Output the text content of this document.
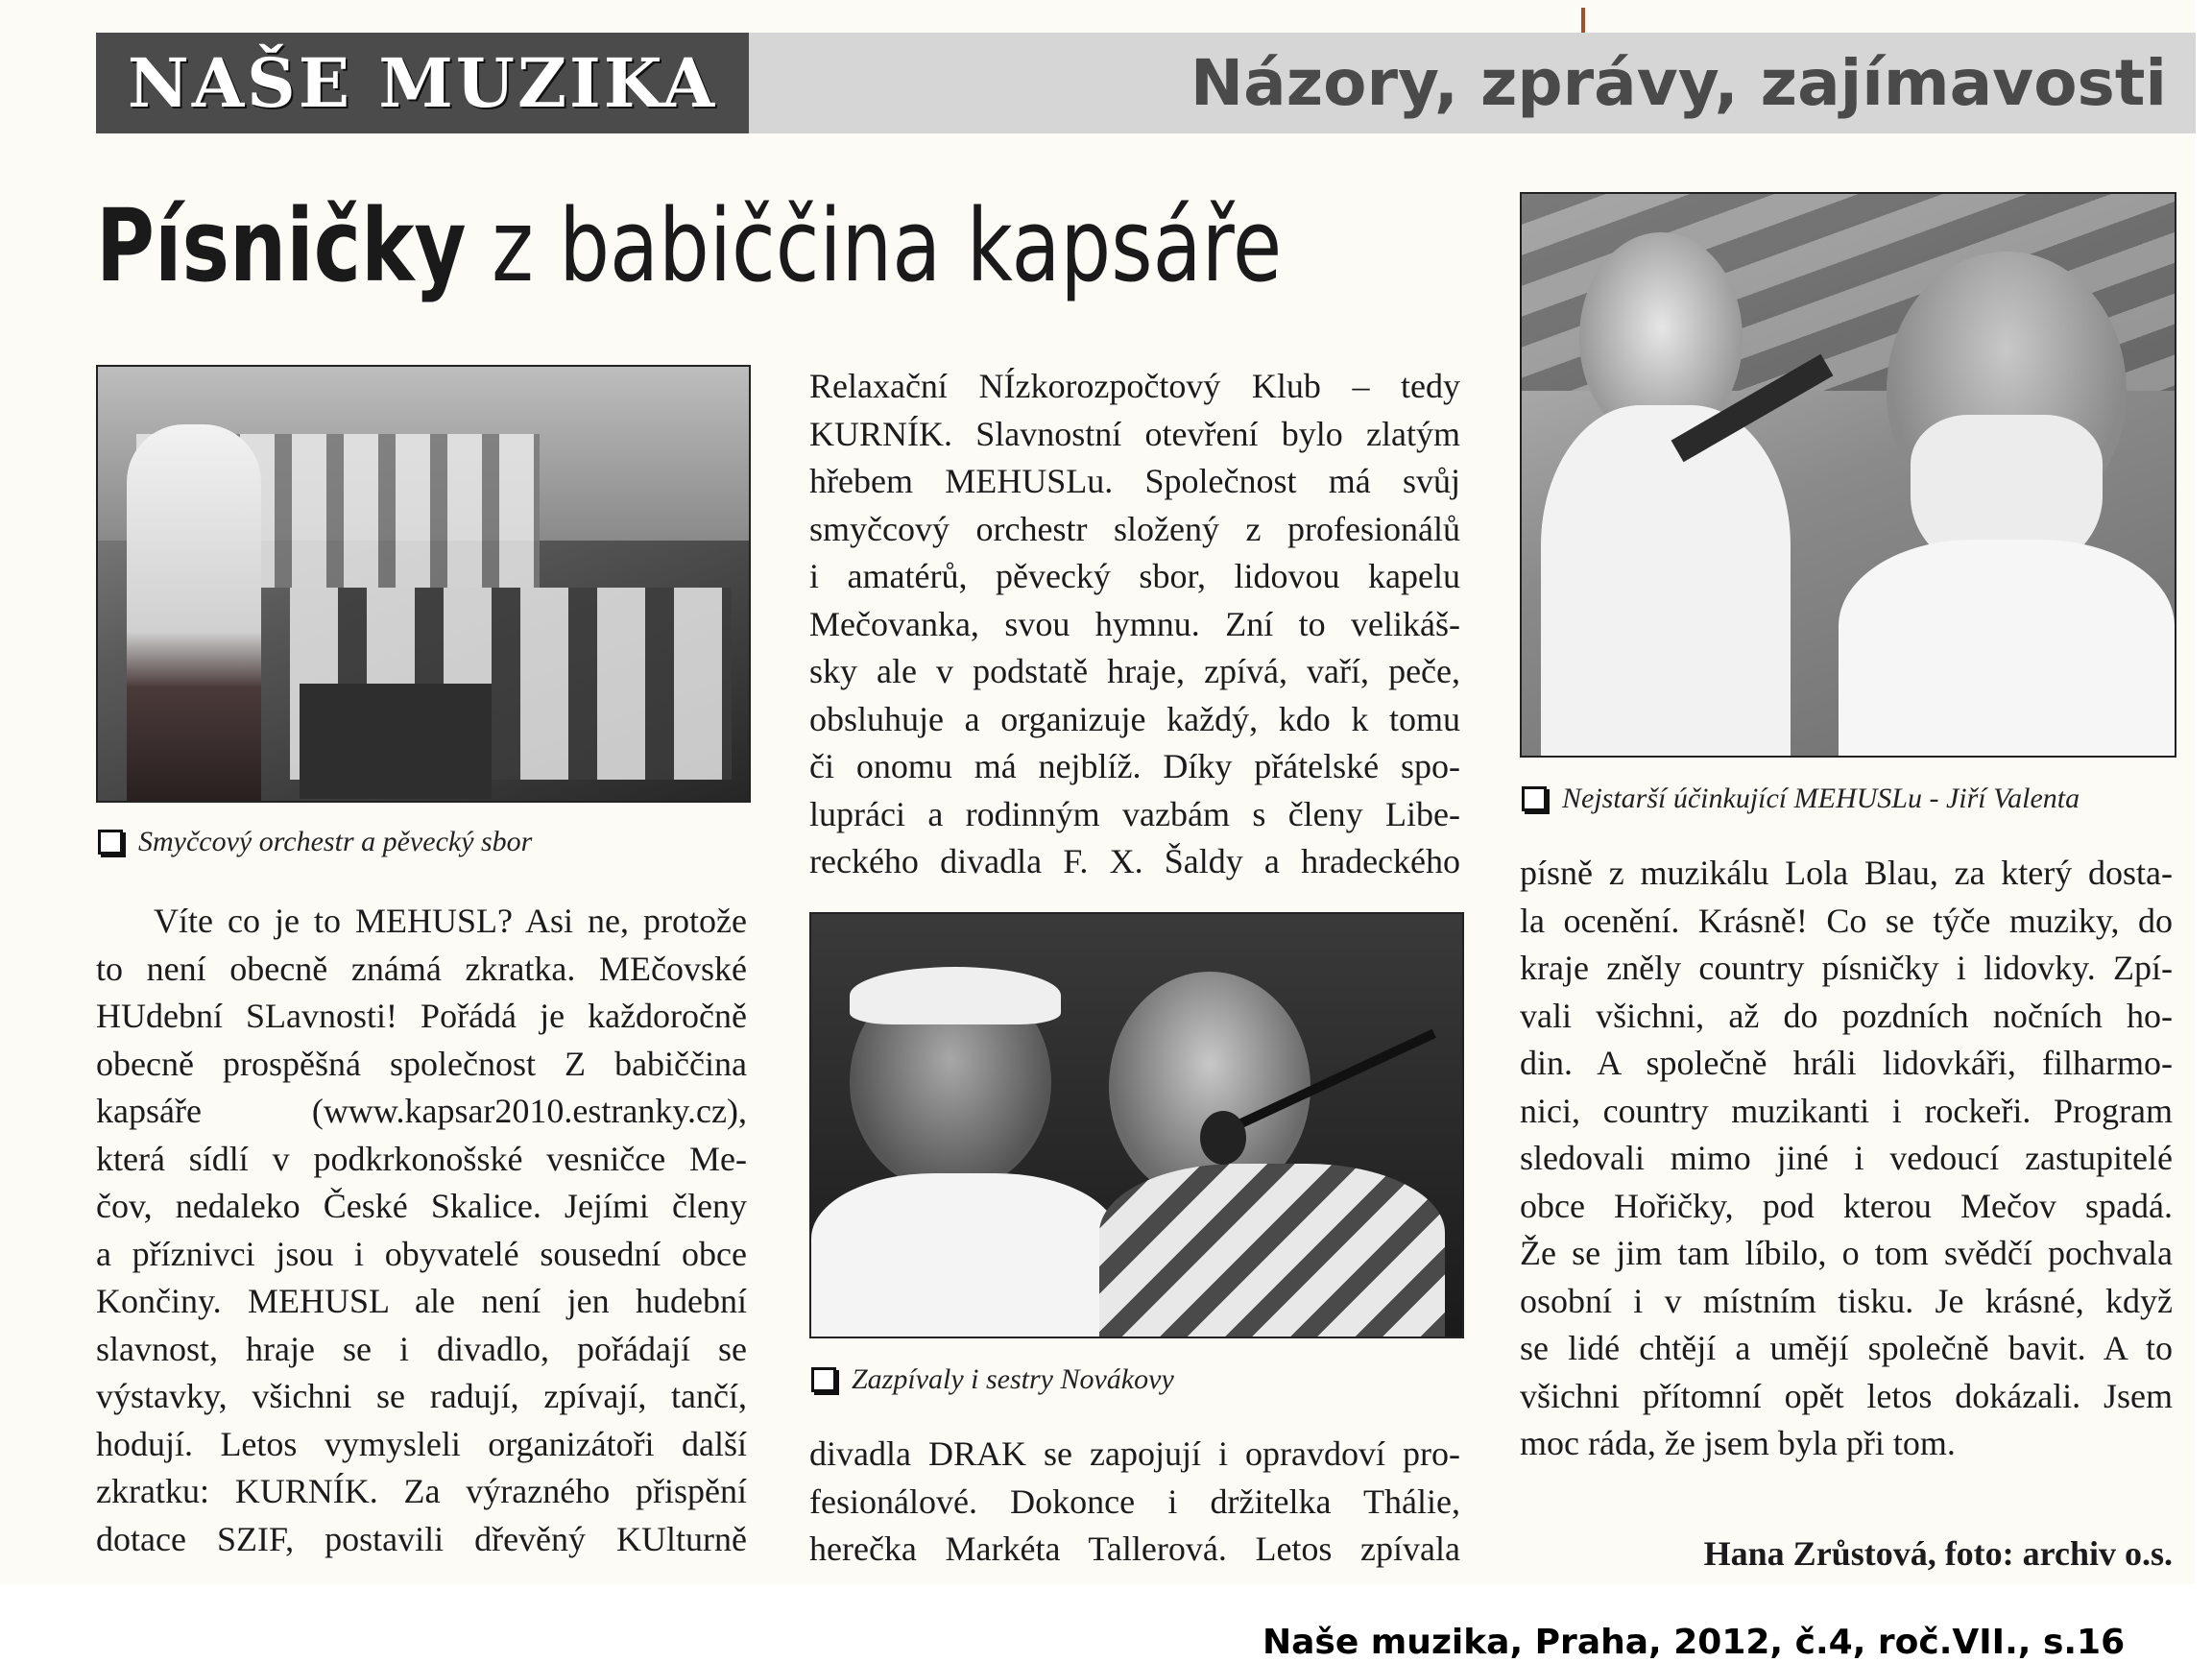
NAŠE MUZIKA	Názory, zprávy, zajímavosti
Písničky z babiččina kapsáře
Smyčcový orchestr a pěvecký sbor
Zazpívaly i sestry Novákovy
Nejstarší účinkující MEHUSLu - Jiří Valenta
Víte co je to MEHUSL? Asi ne, protože
to není obecně známá zkratka. MEčovské
HUdební SLavnosti! Pořádá je každoročně
obecně prospěšná společnost Z babiččina
kapsáře (www.kapsar2010.estranky.cz),
která sídlí v podkrkonošské vesničce Me-
čov, nedaleko České Skalice. Jejími členy
a příznivci jsou i obyvatelé sousední obce
Končiny. MEHUSL ale není jen hudební
slavnost, hraje se i divadlo, pořádají se
výstavky, všichni se radují, zpívají, tančí,
hodují. Letos vymysleli organizátoři další
zkratku: KURNÍK. Za výrazného přispění
dotace SZIF, postavili dřevěný KUlturně
Relaxační NÍzkorozpočtový Klub – tedy
KURNÍK. Slavnostní otevření bylo zlatým
hřebem MEHUSLu. Společnost má svůj
smyčcový orchestr složený z profesionálů
i amatérů, pěvecký sbor, lidovou kapelu
Mečovanka, svou hymnu. Zní to velikáš-
sky ale v podstatě hraje, zpívá, vaří, peče,
obsluhuje a organizuje každý, kdo k tomu
či onomu má nejblíž. Díky přátelské spo-
lupráci a rodinným vazbám s členy Libe-
reckého divadla F. X. Šaldy a hradeckého
divadla DRAK se zapojují i opravdoví pro-
fesionálové. Dokonce i držitelka Thálie,
herečka Markéta Tallerová. Letos zpívala
písně z muzikálu Lola Blau, za který dosta-
la ocenění. Krásně! Co se týče muziky, do
kraje zněly country písničky i lidovky. Zpí-
vali všichni, až do pozdních nočních ho-
din. A společně hráli lidovkáři, filharmo-
nici, country muzikanti i rockeři. Program
sledovali mimo jiné i vedoucí zastupitelé
obce Hořičky, pod kterou Mečov spadá.
Že se jim tam líbilo, o tom svědčí pochvala
osobní i v místním tisku. Je krásné, když
se lidé chtějí a umějí společně bavit. A to
všichni přítomní opět letos dokázali. Jsem
moc ráda, že jsem byla při tom.
Hana Zrůstová, foto: archiv o.s.
Naše muzika, Praha, 2012, č.4, roč.VII., s.16
